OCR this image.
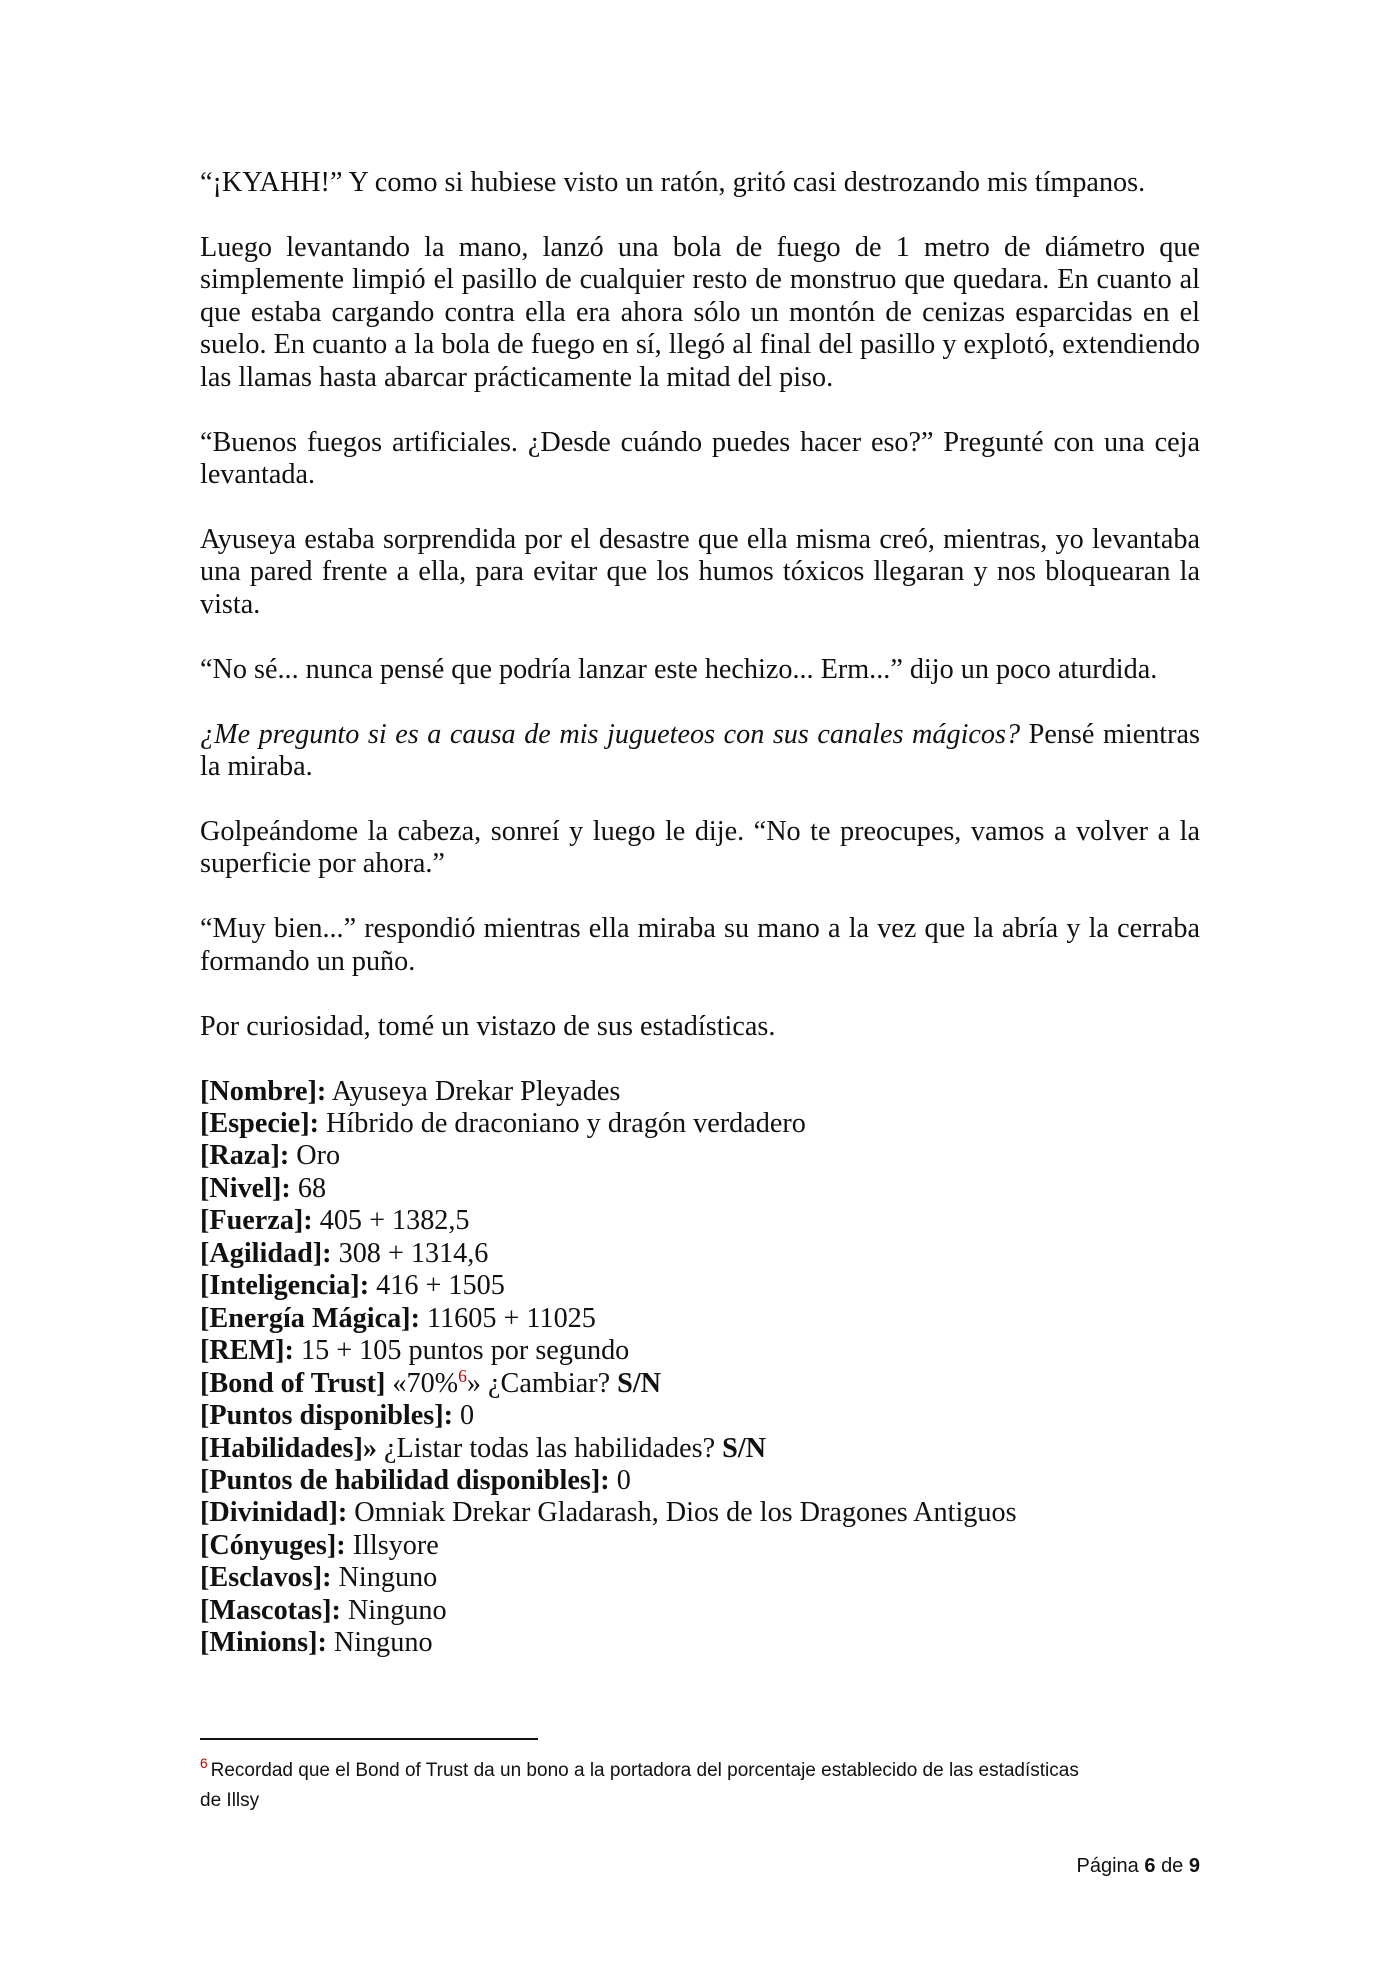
“¡KYAHH!” Y como si hubiese visto un ratón, gritó casi destrozando mis tímpanos.

Luego levantando la mano, lanzó una bola de fuego de 1 metro de diámetro que simplemente limpió el pasillo de cualquier resto de monstruo que quedara. En cuanto al que estaba cargando contra ella era ahora sólo un montón de cenizas esparcidas en el suelo. En cuanto a la bola de fuego en sí, llegó al final del pasillo y explotó, extendiendo las llamas hasta abarcar prácticamente la mitad del piso.

“Buenos fuegos artificiales. ¿Desde cuándo puedes hacer eso?” Pregunté con una ceja levantada.

Ayuseya estaba sorprendida por el desastre que ella misma creó, mientras, yo levantaba una pared frente a ella, para evitar que los humos tóxicos llegaran y nos bloquearan la vista.

“No sé... nunca pensé que podría lanzar este hechizo... Erm...” dijo un poco aturdida.

¿Me pregunto si es a causa de mis jugueteos con sus canales mágicos? Pensé mientras la miraba.

Golpeándome la cabeza, sonreí y luego le dije. “No te preocupes, vamos a volver a la superficie por ahora.”

“Muy bien...” respondió mientras ella miraba su mano a la vez que la abría y la cerraba formando un puño.

Por curiosidad, tomé un vistazo de sus estadísticas.

[Nombre]: Ayuseya Drekar Pleyades
[Especie]: Híbrido de draconiano y dragón verdadero
[Raza]: Oro
[Nivel]: 68
[Fuerza]: 405 + 1382,5
[Agilidad]: 308 + 1314,6
[Inteligencia]: 416 + 1505
[Energía Mágica]: 11605 + 11025
[REM]: 15 + 105 puntos por segundo
[Bond of Trust] «70%$^6$» ¿Cambiar? S/N
[Puntos disponibles]: 0
[Habilidades]» ¿Listar todas las habilidades? S/N
[Puntos de habilidad disponibles]: 0
[Divinidad]: Omniak Drekar Gladarash, Dios de los Dragones Antiguos
[Cónyuges]: Illsyore
[Esclavos]: Ninguno
[Mascotas]: Ninguno
[Minions]: Ninguno
$^6$ Recordad que el Bond of Trust da un bono a la portadora del porcentaje establecido de las estadísticas
de Illsy
Página 6 de 9
